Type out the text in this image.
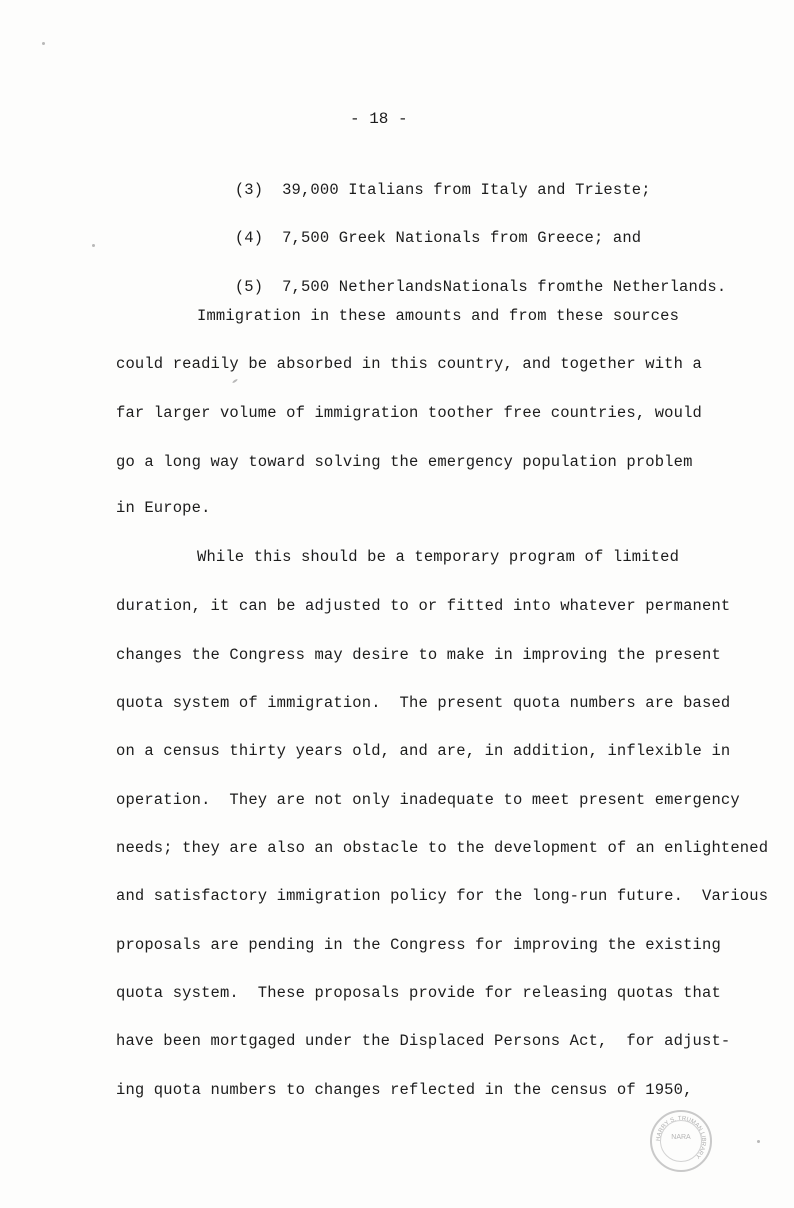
- 18 -

(3) 39,000 Italians from Italy and Trieste;

(4) 7,500 Greek Nationals from Greece; and

(5) 7,500 NetherlandsNationals fromthe Netherlands.

Immigration in these amounts and from these sources
could readily be absorbed in this country, and together with a
far larger volume of immigration toother free countries, would
go a long way toward solving the emergency population problem
in Europe.
While this should be a temporary program of limited
duration, it can be adjusted to or fitted into whatever permanent
changes the Congress may desire to make in improving the present
quota system of immigration.  The present quota numbers are based
on a census thirty years old, and are, in addition, inflexible in
operation.  They are not only inadequate to meet present emergency
needs; they are also an obstacle to the development of an enlightened
and satisfactory immigration policy for the long-run future.  Various
proposals are pending in the Congress for improving the existing
quota system.  These proposals provide for releasing quotas that
have been mortgaged under the Displaced Persons Act,  for adjust-
ing quota numbers to changes reflected in the census of 1950,
HARRY S. TRUMAN LIBRARY
NARA
